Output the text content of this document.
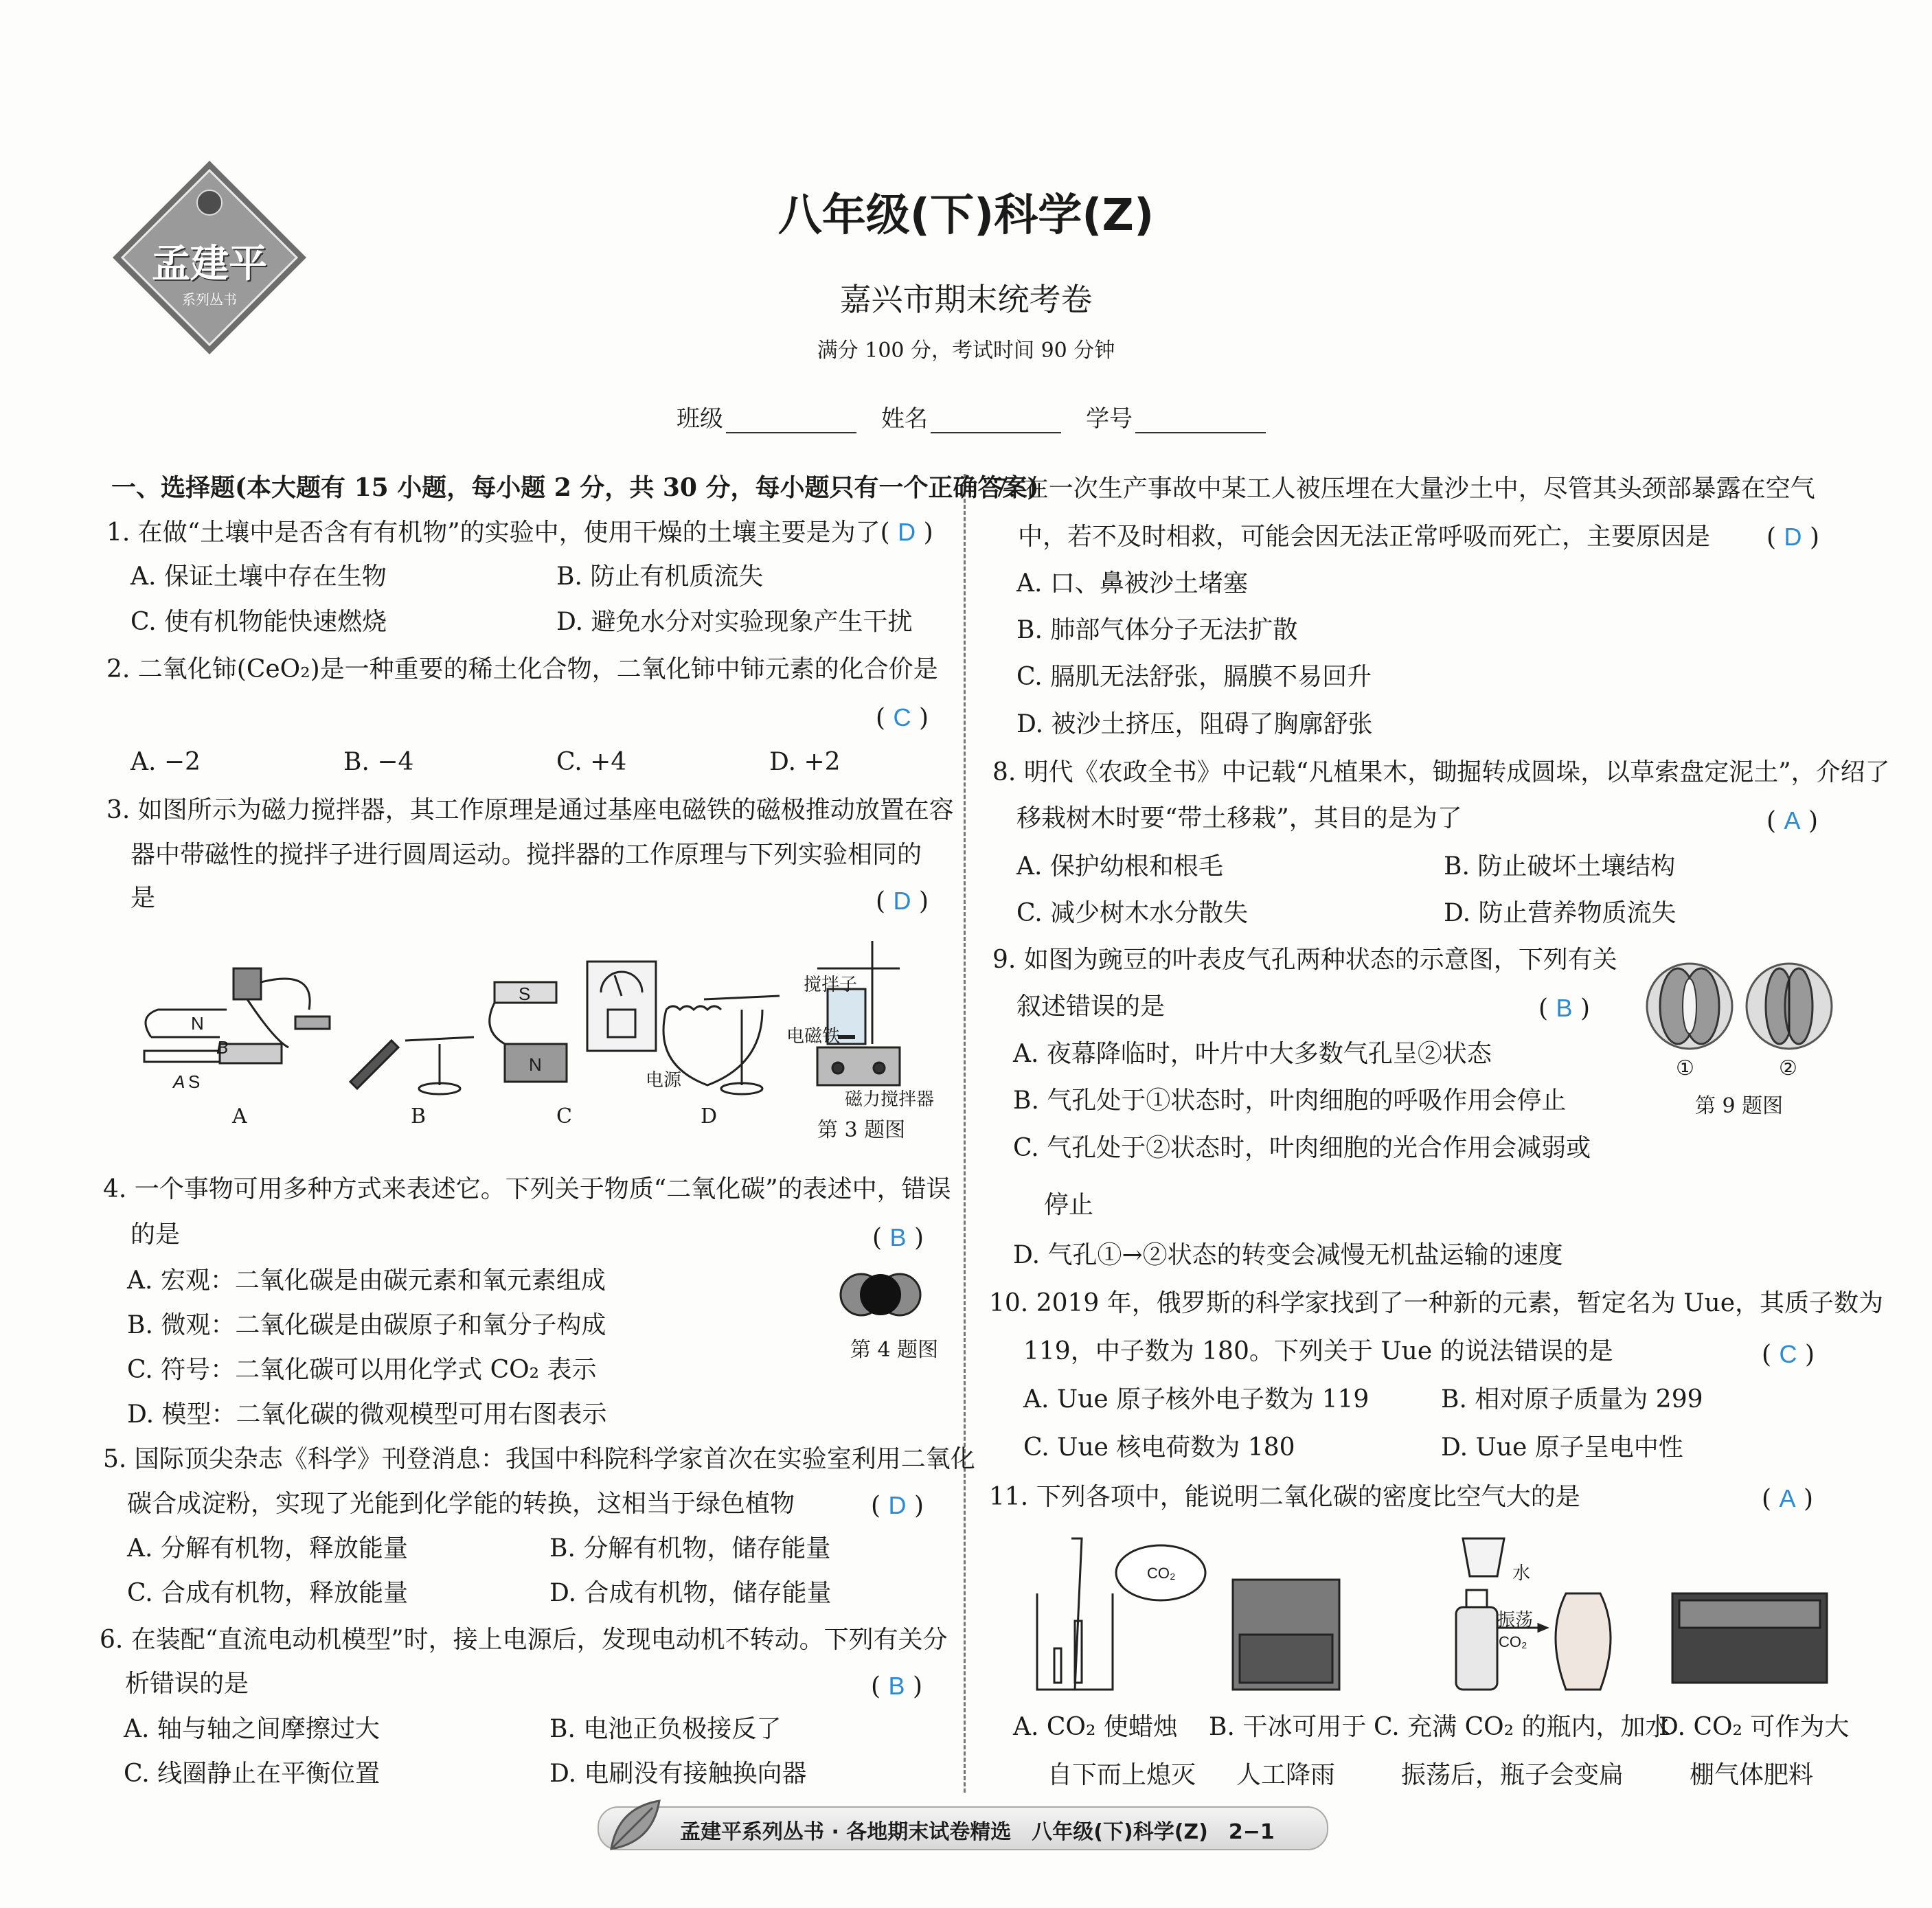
孟建平
系列丛书
八年级(下)科学(Z)
嘉兴市期末统考卷
满分 100 分，考试时间 90 分钟
班级	姓名	学号
一、选择题(本大题有 15 小题，每小题 2 分，共 30 分，每小题只有一个正确答案)
1. 在做“土壤中是否含有有机物”的实验中，使用干燥的土壤主要是为了( D )
A. 保证土壤中存在生物	B. 防止有机质流失
C. 使有机物能快速燃烧	D. 避免水分对实验现象产生干扰
2. 二氧化铈(CeO₂)是一种重要的稀土化合物，二氧化铈中铈元素的化合价是
( C )
A. −2	B. −4	C. +4	D. +2
3. 如图所示为磁力搅拌器，其工作原理是通过基座电磁铁的磁极推动放置在容
器中带磁性的搅拌子进行圆周运动。搅拌器的工作原理与下列实验相同的
是	( D )
N
B
A S
S
N
电源
搅拌子
电磁铁
磁力搅拌器
A	B	C	D
第 3 题图
4. 一个事物可用多种方式来表述它。下列关于物质“二氧化碳”的表述中，错误
的是	( B )
A. 宏观：二氧化碳是由碳元素和氧元素组成
B. 微观：二氧化碳是由碳原子和氧分子构成
C. 符号：二氧化碳可以用化学式 CO₂ 表示
D. 模型：二氧化碳的微观模型可用右图表示
第 4 题图
5. 国际顶尖杂志《科学》刊登消息：我国中科院科学家首次在实验室利用二氧化
碳合成淀粉，实现了光能到化学能的转换，这相当于绿色植物	( D )
A. 分解有机物，释放能量	B. 分解有机物，储存能量
C. 合成有机物，释放能量	D. 合成有机物，储存能量
6. 在装配“直流电动机模型”时，接上电源后，发现电动机不转动。下列有关分
析错误的是	( B )
A. 轴与轴之间摩擦过大	B. 电池正负极接反了
C. 线圈静止在平衡位置	D. 电刷没有接触换向器
7. 在一次生产事故中某工人被压埋在大量沙土中，尽管其头颈部暴露在空气
中，若不及时相救，可能会因无法正常呼吸而死亡，主要原因是 ( D )
A. 口、鼻被沙土堵塞
B. 肺部气体分子无法扩散
C. 膈肌无法舒张，膈膜不易回升
D. 被沙土挤压，阻碍了胸廓舒张
8. 明代《农政全书》中记载“凡植果木，锄掘转成圆垛，以草索盘定泥土”，介绍了
移栽树木时要“带土移栽”，其目的是为了	( A )
A. 保护幼根和根毛	B. 防止破坏土壤结构
C. 减少树木水分散失	D. 防止营养物质流失
9. 如图为豌豆的叶表皮气孔两种状态的示意图，下列有关
叙述错误的是	( B )
A. 夜幕降临时，叶片中大多数气孔呈②状态
B. 气孔处于①状态时，叶肉细胞的呼吸作用会停止
C. 气孔处于②状态时，叶肉细胞的光合作用会减弱或
停止
D. 气孔①→②状态的转变会减慢无机盐运输的速度
①	②
第 9 题图
10. 2019 年，俄罗斯的科学家找到了一种新的元素，暂定名为 Uue，其质子数为
119，中子数为 180。下列关于 Uue 的说法错误的是	( C )
A. Uue 原子核外电子数为 119	B. 相对原子质量为 299
C. Uue 核电荷数为 180	D. Uue 原子呈电中性
11. 下列各项中，能说明二氧化碳的密度比空气大的是	( A )
CO₂	水
振荡
CO₂
A. CO₂ 使蜡烛
自下而上熄灭
B. 干冰可用于
人工降雨
C. 充满 CO₂ 的瓶内，加水
振荡后，瓶子会变扁
D. CO₂ 可作为大
棚气体肥料
孟建平系列丛书 · 各地期末试卷精选　八年级(下)科学(Z)　2−1
